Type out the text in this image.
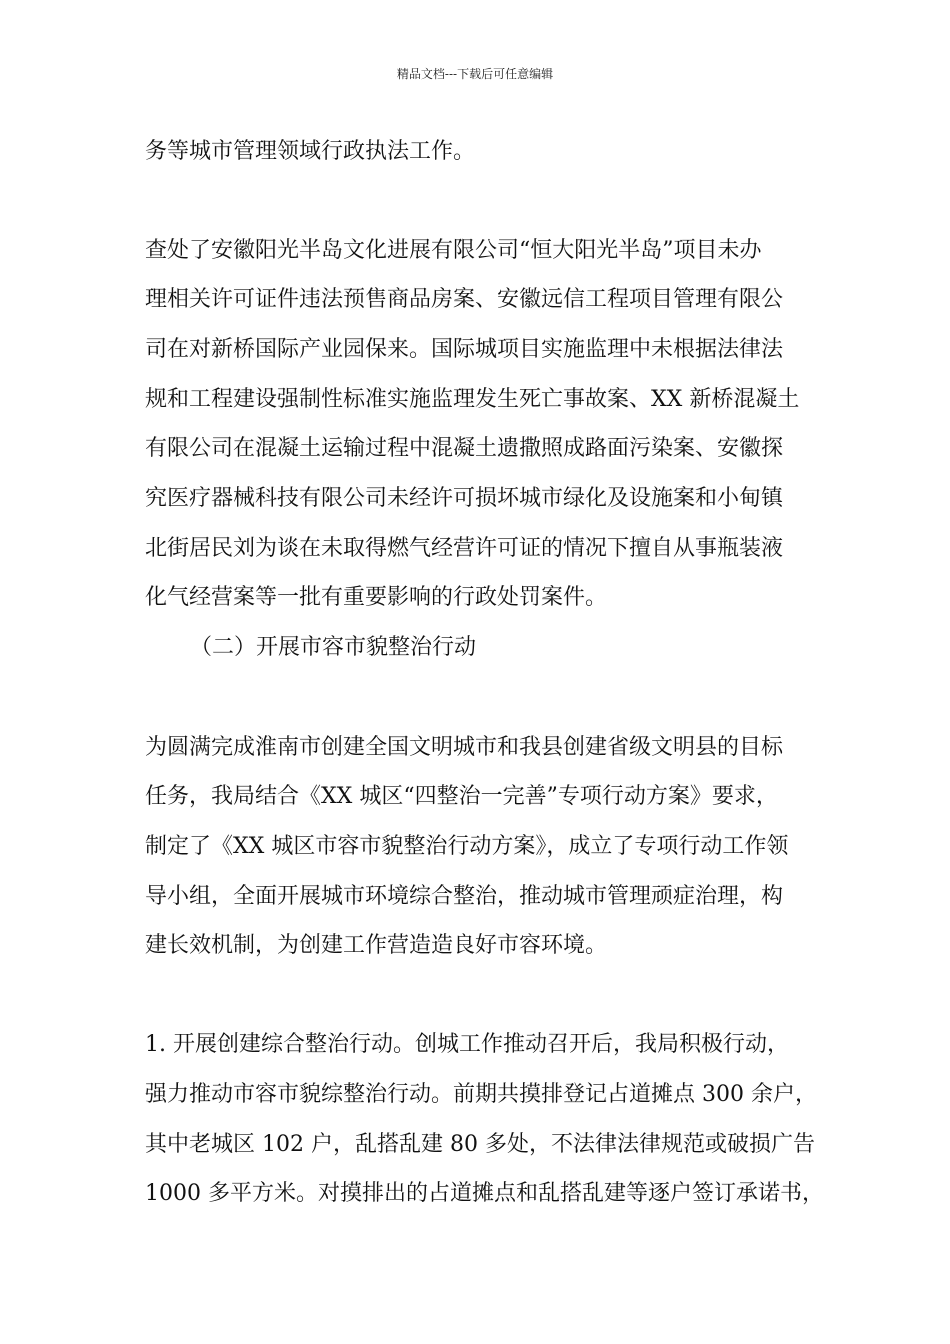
精品文档---下载后可任意编辑
务等城市管理领域行政执法工作。
查处了安徽阳光半岛文化进展有限公司“恒大阳光半岛”项目未办
理相关许可证件违法预售商品房案、安徽远信工程项目管理有限公
司在对新桥国际产业园保来。国际城项目实施监理中未根据法律法
规和工程建设强制性标准实施监理发生死亡事故案、XX 新桥混凝土
有限公司在混凝土运输过程中混凝土遗撒照成路面污染案、安徽探
究医疗器械科技有限公司未经许可损坏城市绿化及设施案和小甸镇
北街居民刘为谈在未取得燃气经营许可证的情况下擅自从事瓶装液
化气经营案等一批有重要影响的行政处罚案件。
（二）开展市容市貌整治行动
为圆满完成淮南市创建全国文明城市和我县创建省级文明县的目标
任务，我局结合《XX 城区“四整治一完善”专项行动方案》要求，
制定了《XX 城区市容市貌整治行动方案》，成立了专项行动工作领
导小组，全面开展城市环境综合整治，推动城市管理顽症治理，构
建长效机制，为创建工作营造造良好市容环境。
1. 开展创建综合整治行动。创城工作推动召开后，我局积极行动，
强力推动市容市貌综整治行动。前期共摸排登记占道摊点 300 余户，
其中老城区 102 户，乱搭乱建 80 多处，不法律法律规范或破损广告
1000 多平方米。对摸排出的占道摊点和乱搭乱建等逐户签订承诺书，
